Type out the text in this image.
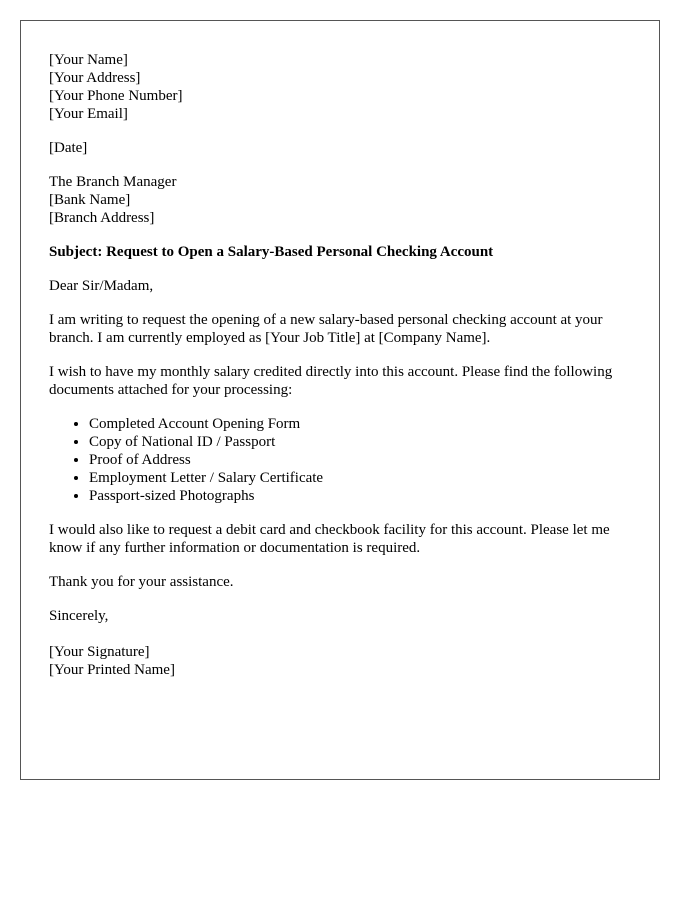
[Your Name]
[Your Address]
[Your Phone Number]
[Your Email]
[Date]
The Branch Manager
[Bank Name]
[Branch Address]

Subject: Request to Open a Salary-Based Personal Checking Account

Dear Sir/Madam,

I am writing to request the opening of a new salary-based personal checking account at your branch. I am currently employed as [Your Job Title] at [Company Name].

I wish to have my monthly salary credited directly into this account. Please find the following documents attached for your processing:

• Completed Account Opening Form
• Copy of National ID / Passport
• Proof of Address
• Employment Letter / Salary Certificate
• Passport-sized Photographs

I would also like to request a debit card and checkbook facility for this account. Please let me know if any further information or documentation is required.

Thank you for your assistance.

Sincerely,

[Your Signature]
[Your Printed Name]
